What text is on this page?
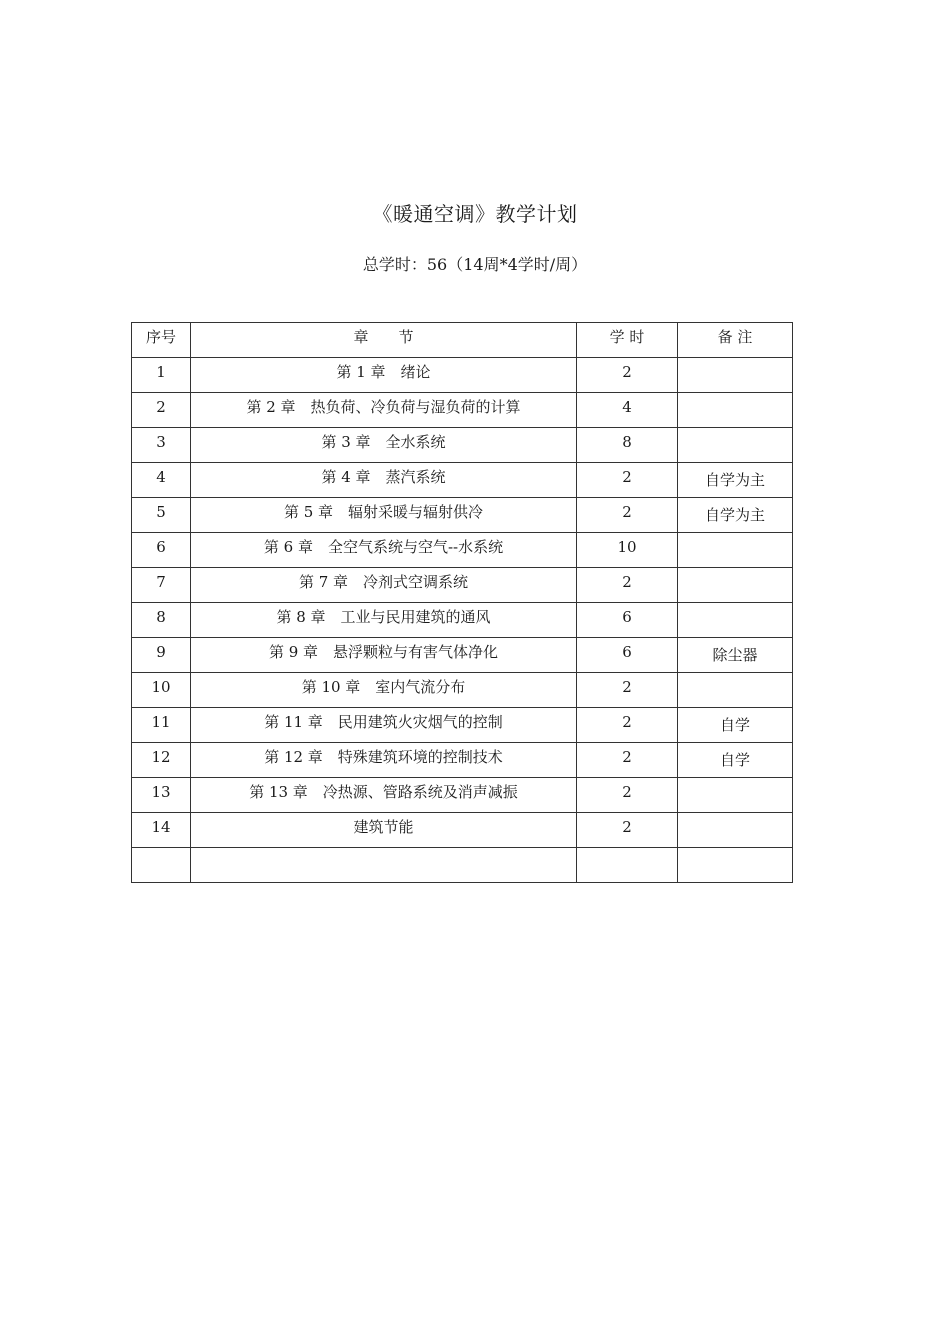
《暖通空调》教学计划
总学时：56（14周*4学时/周）
序号	章　　节	学 时	备 注
1	第 1 章　绪论	2	
2	第 2 章　热负荷、冷负荷与湿负荷的计算	4	
3	第 3 章　全水系统	8	
4	第 4 章　蒸汽系统	2	自学为主
5	第 5 章　辐射采暖与辐射供冷	2	自学为主
6	第 6 章　全空气系统与空气--水系统	10	
7	第 7 章　冷剂式空调系统	2	
8	第 8 章　工业与民用建筑的通风	6	
9	第 9 章　悬浮颗粒与有害气体净化	6	除尘器
10	第 10 章　室内气流分布	2	
11	第 11 章　民用建筑火灾烟气的控制	2	自学
12	第 12 章　特殊建筑环境的控制技术	2	自学
13	第 13 章　冷热源、管路系统及消声减振	2	
14	建筑节能	2	
